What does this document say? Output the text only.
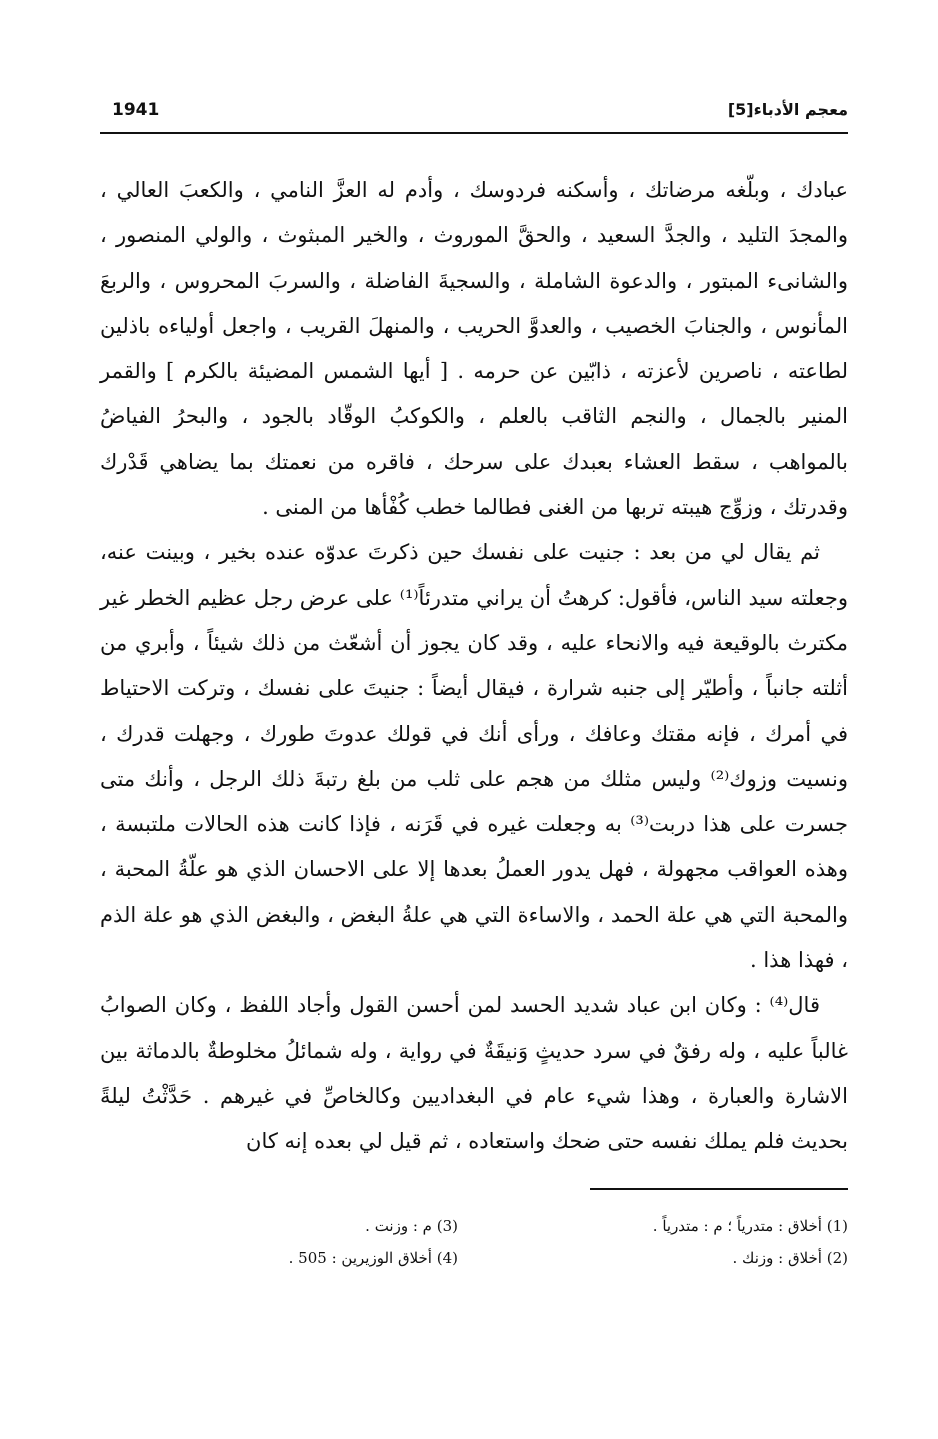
1941	معجم الأدباء[5]

عبادك ، وبلّغه مرضاتك ، وأسكنه فردوسك ، وأدم له العزَّ النامي ، والكعبَ العالي ، والمجدَ التليد ، والجدَّ السعيد ، والحقَّ الموروث ، والخير المبثوث ، والولي المنصور ، والشانىء المبتور ، والدعوة الشاملة ، والسجيةَ الفاضلة ، والسربَ المحروس ، والربعَ المأنوس ، والجنابَ الخصيب ، والعدوَّ الحريب ، والمنهلَ القريب ، واجعل أولياءه باذلين لطاعته ، ناصرين لأعزته ، ذابّين عن حرمه . [ أيها الشمس المضيئة بالكرم ] والقمر المنير بالجمال ، والنجم الثاقب بالعلم ، والكوكبُ الوقّاد بالجود ، والبحرُ الفياضُ بالمواهب ، سقط العشاء بعبدك على سرحك ، فاقره من نعمتك بما يضاهي قَدْرك وقدرتك ، وزوِّج هيبته تربها من الغنى فطالما خطب كُفْأها من المنى .

ثم يقال لي من بعد : جنيت على نفسك حين ذكرتَ عدوّه عنده بخير ، وبينت عنه، وجعلته سيد الناس، فأقول: كرهتُ أن يراني متدرئاً⁽¹⁾ على عرض رجل عظيم الخطر غير مكترث بالوقيعة فيه والانحاء عليه ، وقد كان يجوز أن أشعّث من ذلك شيئاً ، وأبري من أثلته جانباً ، وأطيّر إلى جنبه شرارة ، فيقال أيضاً : جنيتَ على نفسك ، وتركت الاحتياط في أمرك ، فإنه مقتك وعافك ، ورأى أنك في قولك عدوتَ طورك ، وجهلت قدرك ، ونسيت وزوك⁽²⁾ وليس مثلك من هجم على ثلب من بلغ رتبةَ ذلك الرجل ، وأنك متى جسرت على هذا دربت⁽³⁾ به وجعلت غيره في قَرَنه ، فإذا كانت هذه الحالات ملتبسة ، وهذه العواقب مجهولة ، فهل يدور العملُ بعدها إلا على الاحسان الذي هو علّةُ المحبة ، والمحبة التي هي علة الحمد ، والاساءة التي هي علةُ البغض ، والبغض الذي هو علة الذم ، فهذا هذا .

قال⁽⁴⁾ : وكان ابن عباد شديد الحسد لمن أحسن القول وأجاد اللفظ ، وكان الصوابُ غالباً عليه ، وله رفقٌ في سرد حديثٍ وَنيقَةٌ في رواية ، وله شمائلُ مخلوطةٌ بالدماثة بين الاشارة والعبارة ، وهذا شيء عام في البغداديين وكالخاصِّ في غيرهم . حَدَّثْتُ ليلةً بحديث فلم يملك نفسه حتى ضحك واستعاده ، ثم قيل لي بعده إنه كان

(1) أخلاق : متدرياً ؛ م : متدرياً .
(2) أخلاق : وزنك .
(3) م : وزنت .
(4) أخلاق الوزيرين : 505 .
